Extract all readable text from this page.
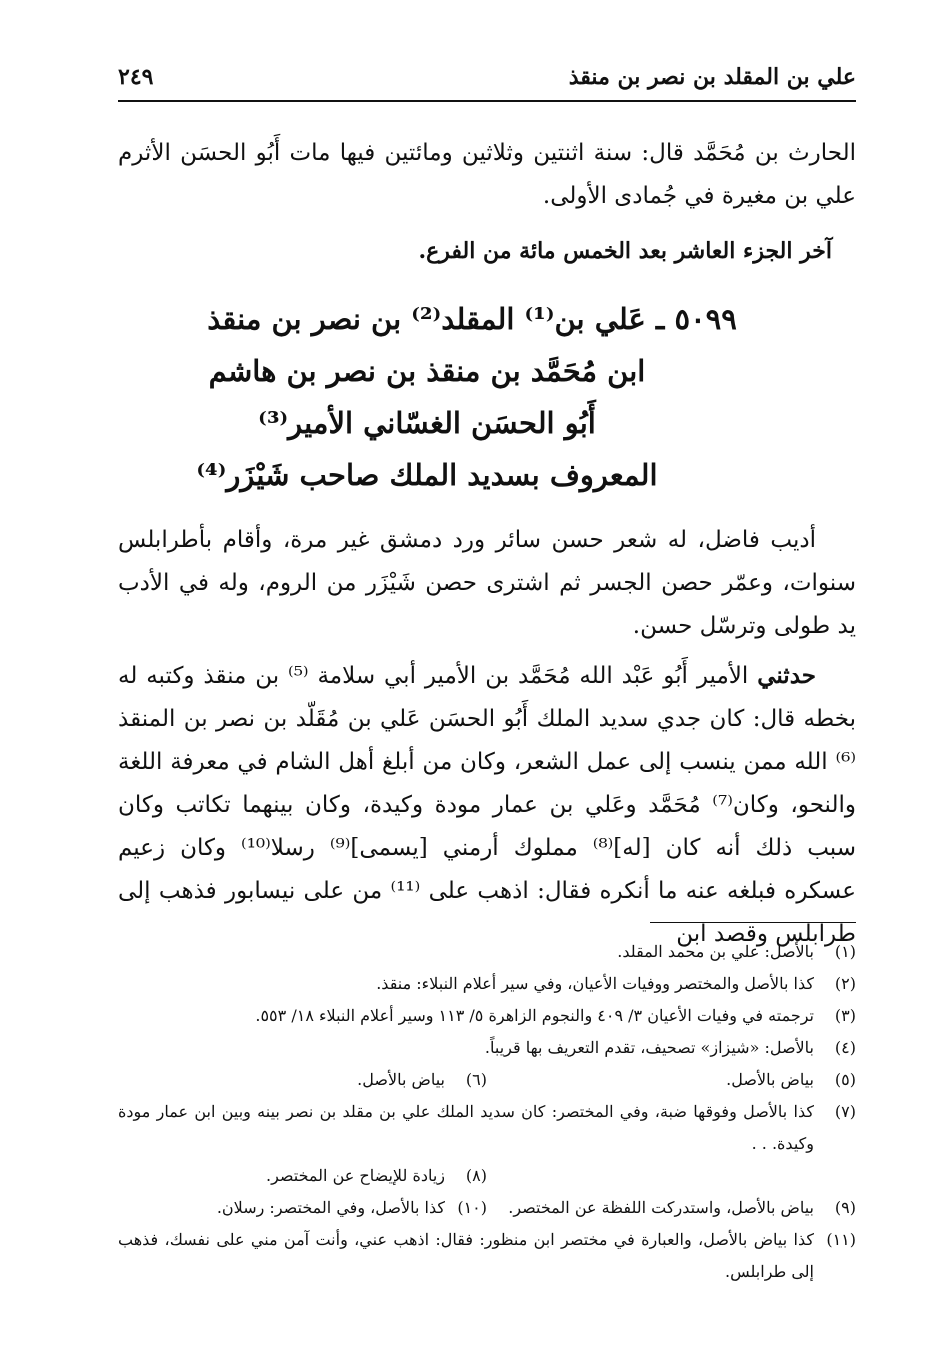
علي بن المقلد بن نصر بن منقذ
٢٤٩

الحارث بن مُحَمَّد قال: سنة اثنتين وثلاثين ومائتين فيها مات أَبُو الحسَن الأثرم علي بن مغيرة في جُمادى الأولى.

آخر الجزء العاشر بعد الخمس مائة من الفرع.

٥٠٩٩ ـ عَلي بن⁽¹⁾ المقلد⁽²⁾ بن نصر بن منقذ
ابن مُحَمَّد بن منقذ بن نصر بن هاشم
أَبُو الحسَن الغسّاني الأمير⁽³⁾
المعروف بسديد الملك صاحب شَيْزَر⁽⁴⁾

أديب فاضل، له شعر حسن سائر ورد دمشق غير مرة، وأقام بأطرابلس سنوات، وعمّر حصن الجسر ثم اشترى حصن شَيْزَر من الروم، وله في الأدب يد طولى وترسّل حسن.

حدثني الأمير أَبُو عَبْد الله مُحَمَّد بن الأمير أبي سلامة ⁽⁵⁾ بن منقذ وكتبه له بخطه قال: كان جدي سديد الملك أَبُو الحسَن عَلي بن مُقَلّد بن نصر بن المنقذ ⁽⁶⁾ الله ممن ينسب إلى عمل الشعر، وكان من أبلغ أهل الشام في معرفة اللغة والنحو، وكان⁽⁷⁾ مُحَمَّد وعَلي بن عمار مودة وكيدة، وكان بينهما تكاتب وكان سبب ذلك أنه كان [له]⁽⁸⁾ مملوك أرمني [يسمى]⁽⁹⁾ رسلا⁽¹⁰⁾ وكان زعيم عسكره فبلغه عنه ما أنكره فقال: اذهب على ⁽¹¹⁾ من على نيسابور فذهب إلى طرابلس وقصد ابن

(١)
بالأصل: علي بن محمد المقلد.
(٢)
كذا بالأصل والمختصر ووفيات الأعيان، وفي سير أعلام النبلاء: منقذ.
(٣)
ترجمته في وفيات الأعيان ٣/ ٤٠٩ والنجوم الزاهرة ٥/ ١١٣ وسير أعلام النبلاء ١٨/ ٥٥٣.
(٤)
بالأصل: «شيزاز» تصحيف، تقدم التعريف بها قريباً.
(٥)
بياض بالأصل.
(٦)
بياض بالأصل.
(٧)
كذا بالأصل وفوقها ضبة، وفي المختصر: كان سديد الملك علي بن مقلد بن نصر بينه وبين ابن عمار مودة وكيدة. . .
(٨)
زيادة للإيضاح عن المختصر.
(٩)
بياض بالأصل، واستدركت اللفظة عن المختصر.
(١٠)
كذا بالأصل، وفي المختصر: رسلان.
(١١)
كذا بياض بالأصل، والعبارة في مختصر ابن منظور: فقال: اذهب عني، وأنت آمن مني على نفسك، فذهب إلى طرابلس.
